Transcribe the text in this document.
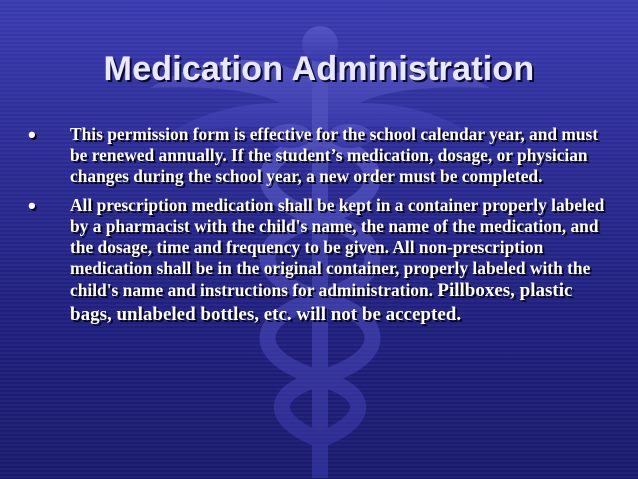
Medication Administration
• This permission form is effective for the school calendar year, and must be renewed annually. If the student’s medication, dosage, or physician changes during the school year, a new order must be completed.
• All prescription medication shall be kept in a container properly labeled by a pharmacist with the child's name, the name of the medication, and the dosage, time and frequency to be given. All non-prescription medication shall be in the original container, properly labeled with the child's name and instructions for administration. Pillboxes, plastic bags, unlabeled bottles, etc. will not be accepted.
